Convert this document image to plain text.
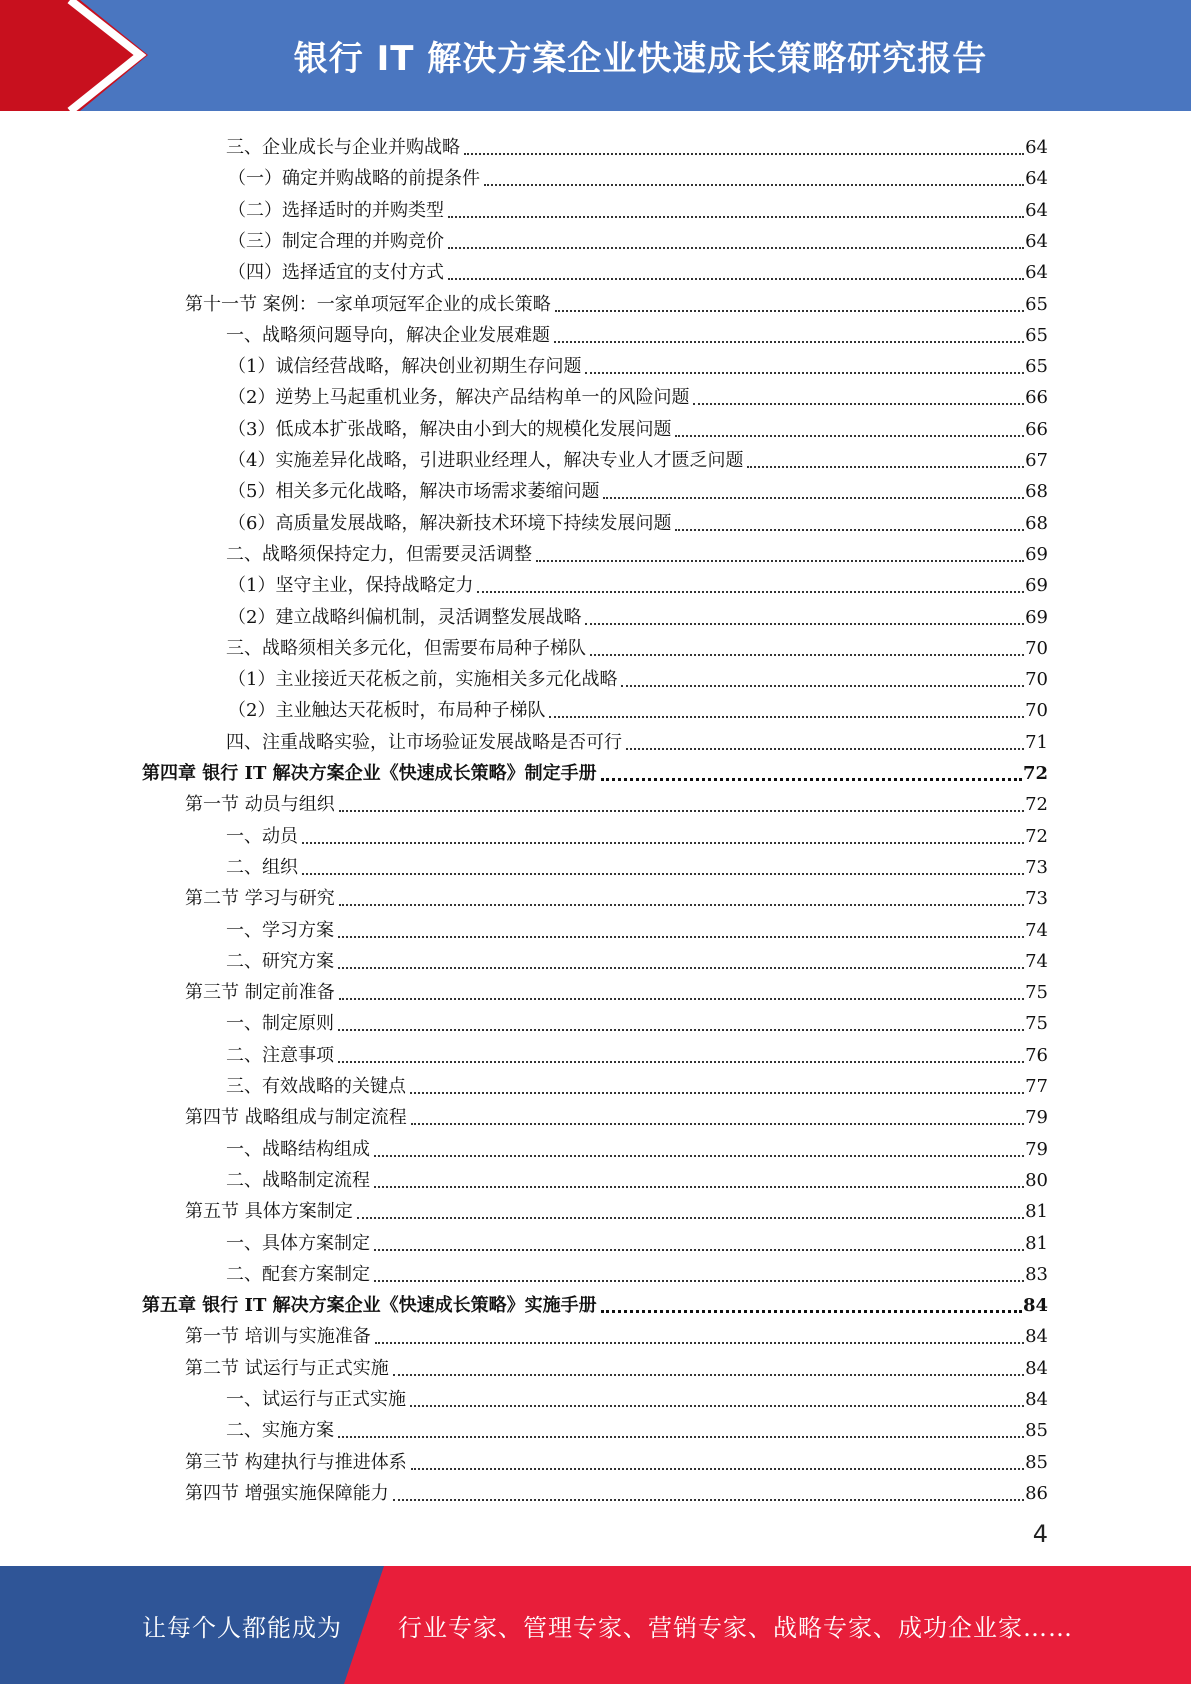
银行 IT 解决方案企业快速成长策略研究报告
三、企业成长与企业并购战略	64
（一）确定并购战略的前提条件	64
（二）选择适时的并购类型	64
（三）制定合理的并购竞价	64
（四）选择适宜的支付方式	64
第十一节 案例：一家单项冠军企业的成长策略	65
一、战略须问题导向，解决企业发展难题	65
（1）诚信经营战略，解决创业初期生存问题	65
（2）逆势上马起重机业务，解决产品结构单一的风险问题	66
（3）低成本扩张战略，解决由小到大的规模化发展问题	66
（4）实施差异化战略，引进职业经理人，解决专业人才匮乏问题	67
（5）相关多元化战略，解决市场需求萎缩问题	68
（6）高质量发展战略，解决新技术环境下持续发展问题	68
二、战略须保持定力，但需要灵活调整	69
（1）坚守主业，保持战略定力	69
（2）建立战略纠偏机制，灵活调整发展战略	69
三、战略须相关多元化，但需要布局种子梯队	70
（1）主业接近天花板之前，实施相关多元化战略	70
（2）主业触达天花板时，布局种子梯队	70
四、注重战略实验，让市场验证发展战略是否可行	71
第四章 银行 IT 解决方案企业《快速成长策略》制定手册	72
第一节 动员与组织	72
一、动员	72
二、组织	73
第二节 学习与研究	73
一、学习方案	74
二、研究方案	74
第三节 制定前准备	75
一、制定原则	75
二、注意事项	76
三、有效战略的关键点	77
第四节 战略组成与制定流程	79
一、战略结构组成	79
二、战略制定流程	80
第五节 具体方案制定	81
一、具体方案制定	81
二、配套方案制定	83
第五章 银行 IT 解决方案企业《快速成长策略》实施手册	84
第一节 培训与实施准备	84
第二节 试运行与正式实施	84
一、试运行与正式实施	84
二、实施方案	85
第三节 构建执行与推进体系	85
第四节 增强实施保障能力	86
4
让每个人都能成为 行业专家、管理专家、营销专家、战略专家、成功企业家……
